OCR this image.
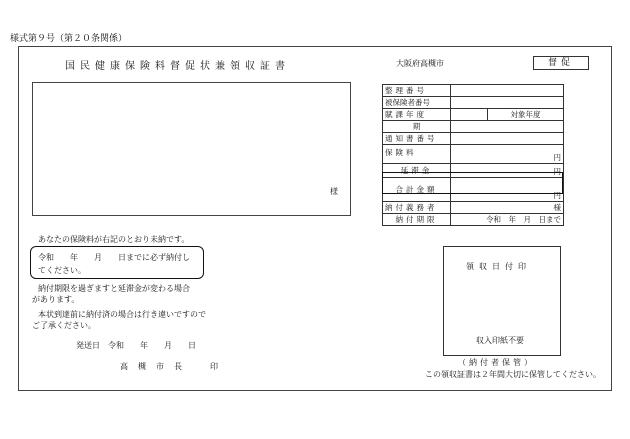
様式第９号（第２０条関係）
国民健康保険料督促状兼領収証書	大阪府高槻市	督促
様
整理番号		
被保険者番号		
賦課年度		対象年度
期		
通知書番号		
保険料	円	
延滞金	円	
合計金額	円	
納付義務者	様	
納付期限	令和　年　月　日まで	
あなたの保険料が右記のとおり未納です。
令和　　年　　月　　日までに必ず納付し
てください。
納付期限を過ぎますと延滞金が変わる場合
があります。
本状到達前に納付済の場合は行き違いですので
ご了承ください。
発送日　令和　　年　　月　　日
高　槻　市　長　　　印
領収日付印
収入印紙不要
（納付者保管）
この領収証書は２年間大切に保管してください。
